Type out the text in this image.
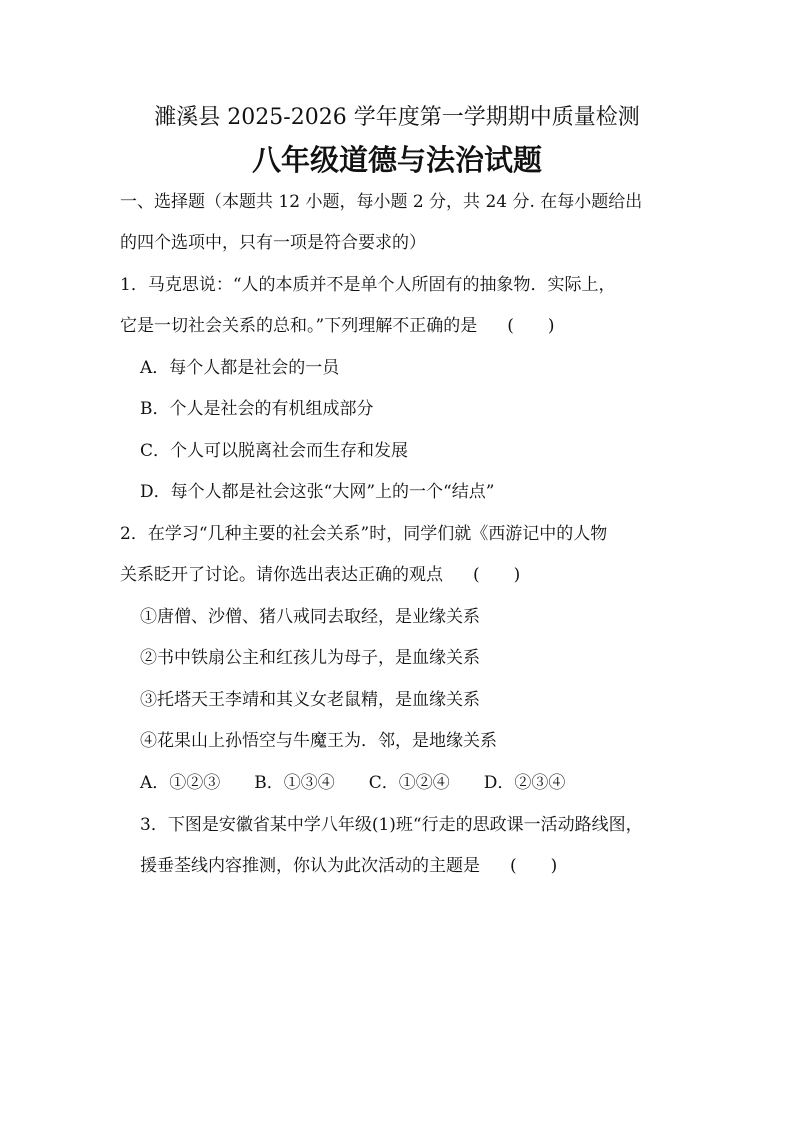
濉溪县 2025-2026 学年度第一学期期中质量检测
八年级道德与法治试题
一、选择题（本题共 12 小题，每小题 2 分，共 24 分. 在每小题给出
的四个选项中，只有一项是符合要求的）
1．马克思说：“人的本质并不是单个人所固有的抽象物．实际上，
它是一切社会关系的总和。”下列理解不正确的是 (　　)
A．每个人都是社会的一员
B．个人是社会的有机组成部分
C．个人可以脱离社会而生存和发展
D．每个人都是社会这张“大网”上的一个“结点”
2．在学习“几种主要的社会关系”时，同学们就《西游记中的人物
关系眨开了讨论。请你选出表达正确的观点 (　　)
①唐僧、沙僧、猪八戒同去取经，是业缘关系
②书中铁扇公主和红孩儿为母子，是血缘关系
③托塔天王李靖和其义女老鼠精，是血缘关系
④花果山上孙悟空与牛魔王为．邻，是地缘关系
A．①②③ B．①③④ C．①②④ D．②③④
3．下图是安徽省某中学八年级(1)班“行走的思政课一活动路线图，
援垂荃线内容推测，你认为此次活动的主题是 (　　)
